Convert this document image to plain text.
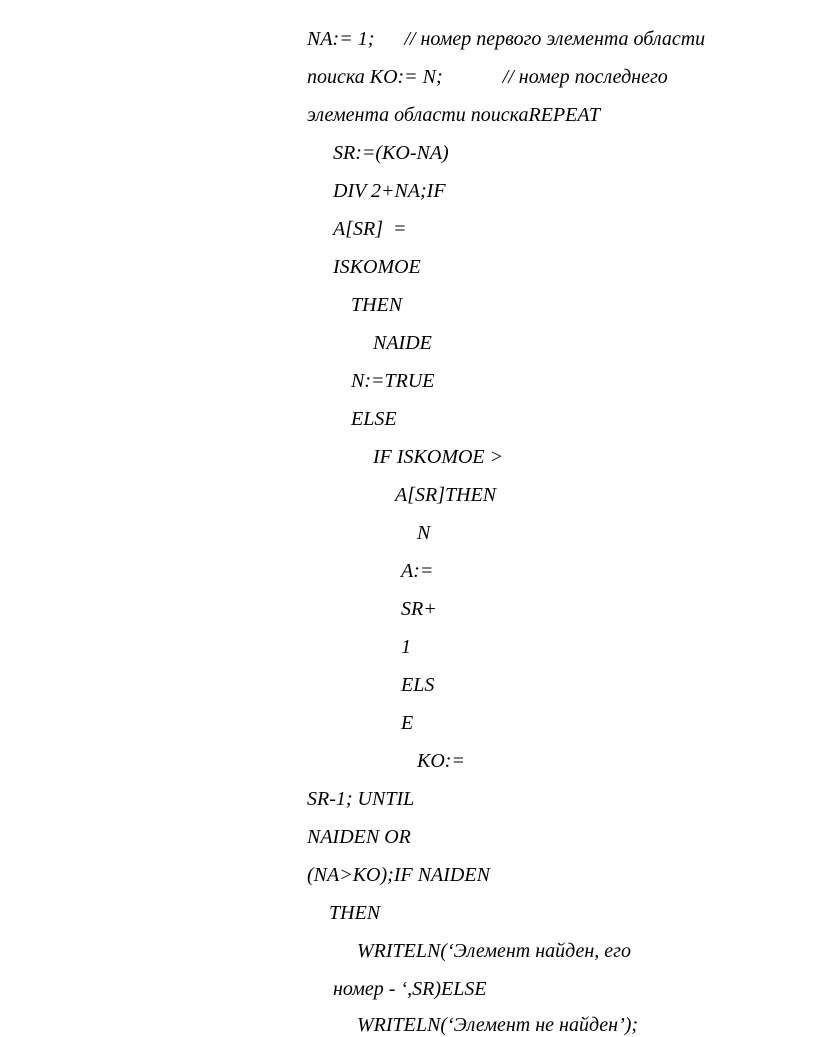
NA:= 1;      // номер первого элемента области

поиска KO:= N;            // номер последнего

элемента области поискаREPEAT

SR:=(KO-NA)

DIV 2+NA;IF

A[SR]  =

ISKOMOE

THEN

NAIDE

N:=TRUE

ELSE

IF ISKOMOE >

A[SR]THEN

N

A:=

SR+

1

ELS

E

KO:=

SR-1; UNTIL

NAIDEN OR

(NA>KO);IF NAIDEN

THEN

WRITELN(‘Элемент найден, его

номер - ‘,SR)ELSE

WRITELN(‘Элемент не найден’);
